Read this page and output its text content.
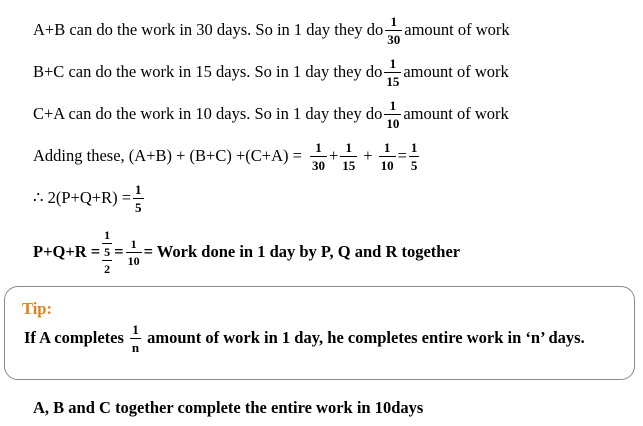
A+B can do the work in 30 days. So in 1 day they do $\frac{1}{30}$ amount of work
B+C can do the work in 15 days. So in 1 day they do $\frac{1}{15}$ amount of work
C+A can do the work in 10 days. So in 1 day they do $\frac{1}{10}$ amount of work
Adding these, $(A+B) + (B+C) +(C+A) = \frac{1}{30} + \frac{1}{15} + \frac{1}{10} = \frac{1}{5}$
∴ $2(P+Q+R) = \frac{1}{5}$
$P+Q+R = \frac{\frac{1}{5}}{2} = \frac{1}{10}$ = Work done in 1 day by P, Q and R together
Tip:
If A completes $\frac{1}{n}$ amount of work in 1 day, he completes entire work in ‘n’ days.
A, B and C together complete the entire work in 10days
